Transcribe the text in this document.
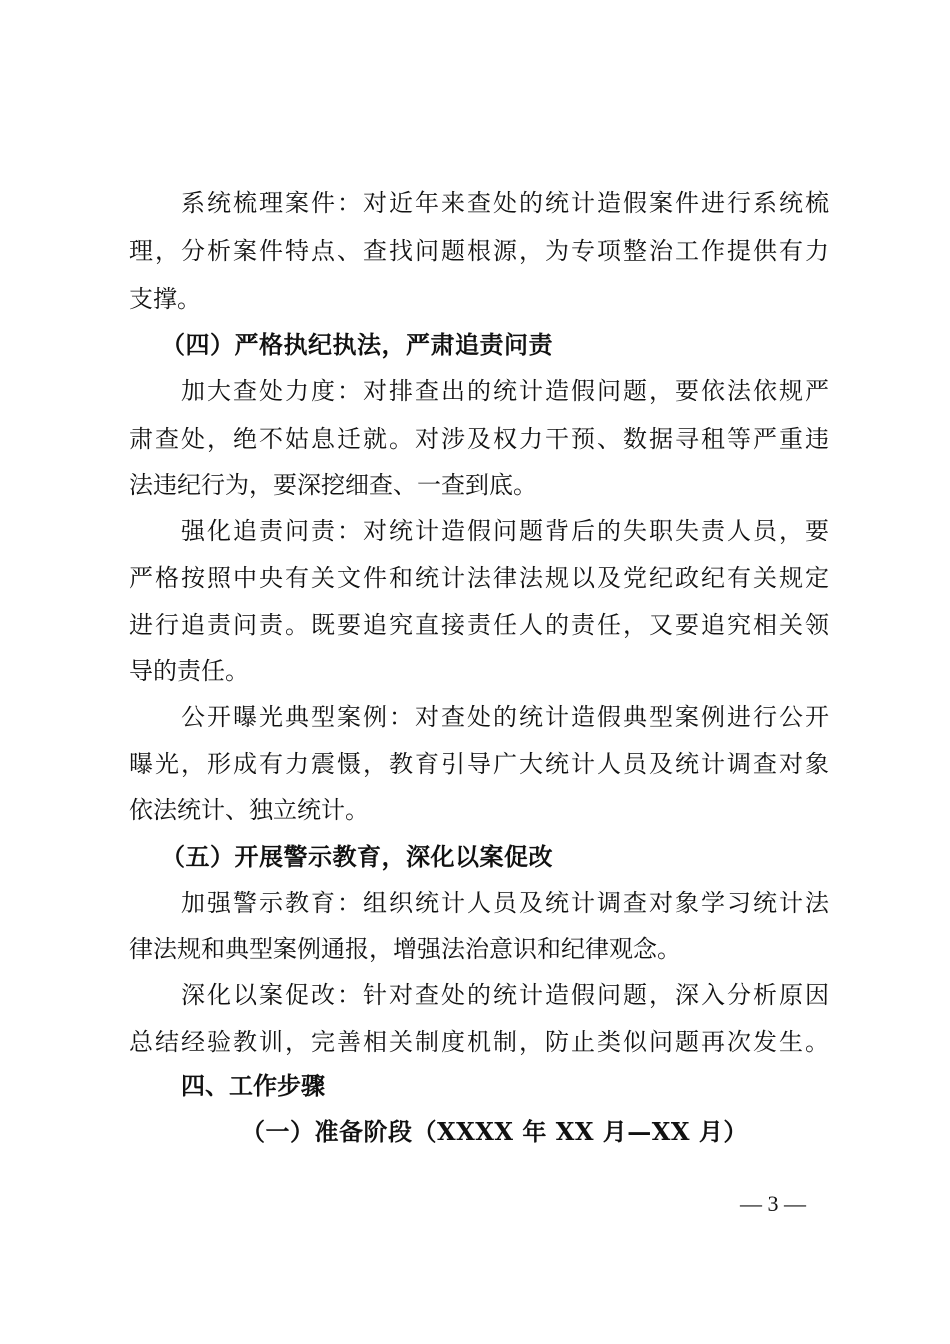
系统梳理案件：对近年来查处的统计造假案件进行系统梳
理，分析案件特点、查找问题根源，为专项整治工作提供有力
支撑。
（四）严格执纪执法，严肃追责问责
加大查处力度：对排查出的统计造假问题，要依法依规严
肃查处，绝不姑息迁就。对涉及权力干预、数据寻租等严重违
法违纪行为，要深挖细查、一查到底。
强化追责问责：对统计造假问题背后的失职失责人员，要
严格按照中央有关文件和统计法律法规以及党纪政纪有关规定
进行追责问责。既要追究直接责任人的责任，又要追究相关领
导的责任。
公开曝光典型案例：对查处的统计造假典型案例进行公开
曝光，形成有力震慑，教育引导广大统计人员及统计调查对象
依法统计、独立统计。
（五）开展警示教育，深化以案促改
加强警示教育：组织统计人员及统计调查对象学习统计法
律法规和典型案例通报，增强法治意识和纪律观念。
深化以案促改：针对查处的统计造假问题，深入分析原因
总结经验教训，完善相关制度机制，防止类似问题再次发生。
四、工作步骤
（一）准备阶段（XXXX 年 XX 月—XX 月）
— 3 —
